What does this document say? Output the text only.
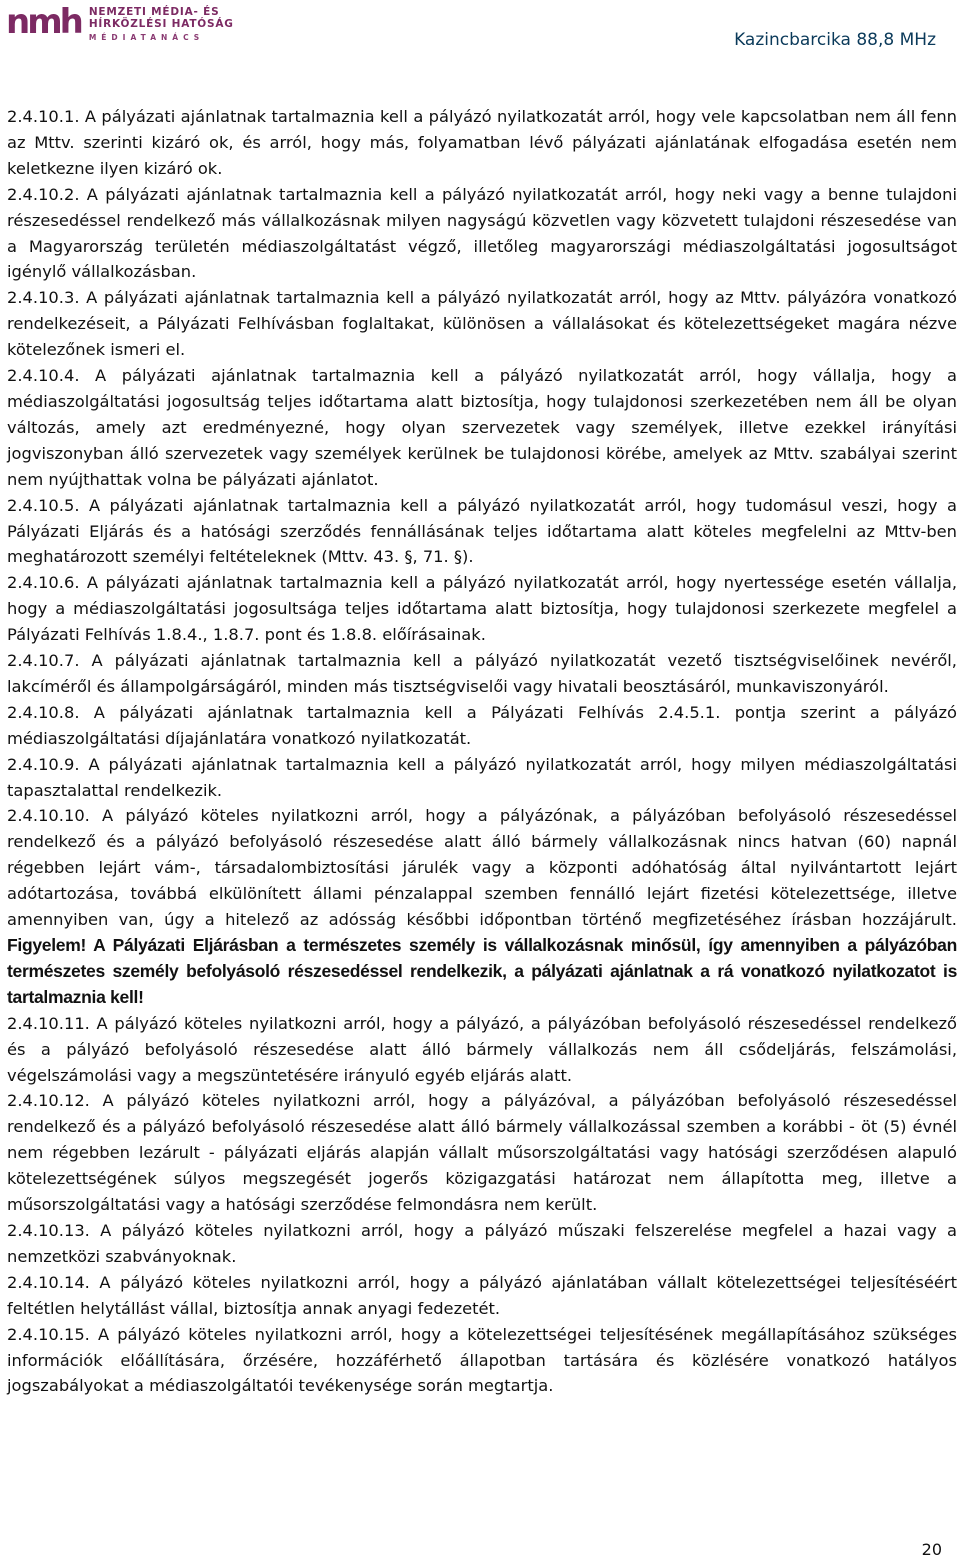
nmh NEMZETI MÉDIA- ÉS
HÍRKÖZLÉSI HATÓSÁG
MÉDIATANÁCS	Kazincbarcika 88,8 MHz

2.4.10.1. A pályázati ajánlatnak tartalmaznia kell a pályázó nyilatkozatát arról, hogy vele kapcsolatban nem áll fenn az Mttv. szerinti kizáró ok, és arról, hogy más, folyamatban lévő pályázati ajánlatának elfogadása esetén nem keletkezne ilyen kizáró ok.

2.4.10.2. A pályázati ajánlatnak tartalmaznia kell a pályázó nyilatkozatát arról, hogy neki vagy a benne tulajdoni részesedéssel rendelkező más vállalkozásnak milyen nagyságú közvetlen vagy közvetett tulajdoni részesedése van a Magyarország területén médiaszolgáltatást végző, illetőleg magyarországi médiaszolgáltatási jogosultságot igénylő vállalkozásban.

2.4.10.3. A pályázati ajánlatnak tartalmaznia kell a pályázó nyilatkozatát arról, hogy az Mttv. pályázóra vonatkozó rendelkezéseit, a Pályázati Felhívásban foglaltakat, különösen a vállalásokat és kötelezettségeket magára nézve kötelezőnek ismeri el.

2.4.10.4. A pályázati ajánlatnak tartalmaznia kell a pályázó nyilatkozatát arról, hogy vállalja, hogy a médiaszolgáltatási jogosultság teljes időtartama alatt biztosítja, hogy tulajdonosi szerkezetében nem áll be olyan változás, amely azt eredményezné, hogy olyan szervezetek vagy személyek, illetve ezekkel irányítási jogviszonyban álló szervezetek vagy személyek kerülnek be tulajdonosi körébe, amelyek az Mttv. szabályai szerint nem nyújthattak volna be pályázati ajánlatot.

2.4.10.5. A pályázati ajánlatnak tartalmaznia kell a pályázó nyilatkozatát arról, hogy tudomásul veszi, hogy a Pályázati Eljárás és a hatósági szerződés fennállásának teljes időtartama alatt köteles megfelelni az Mttv-ben meghatározott személyi feltételeknek (Mttv. 43. §, 71. §).

2.4.10.6. A pályázati ajánlatnak tartalmaznia kell a pályázó nyilatkozatát arról, hogy nyertessége esetén vállalja, hogy a médiaszolgáltatási jogosultsága teljes időtartama alatt biztosítja, hogy tulajdonosi szerkezete megfelel a Pályázati Felhívás 1.8.4., 1.8.7. pont és 1.8.8. előírásainak.

2.4.10.7. A pályázati ajánlatnak tartalmaznia kell a pályázó nyilatkozatát vezető tisztségviselőinek nevéről, lakcíméről és állampolgárságáról, minden más tisztségviselői vagy hivatali beosztásáról, munkaviszonyáról.

2.4.10.8. A pályázati ajánlatnak tartalmaznia kell a Pályázati Felhívás 2.4.5.1. pontja szerint a pályázó médiaszolgáltatási díjajánlatára vonatkozó nyilatkozatát.

2.4.10.9. A pályázati ajánlatnak tartalmaznia kell a pályázó nyilatkozatát arról, hogy milyen médiaszolgáltatási tapasztalattal rendelkezik.

2.4.10.10. A pályázó köteles nyilatkozni arról, hogy a pályázónak, a pályázóban befolyásoló részesedéssel rendelkező és a pályázó befolyásoló részesedése alatt álló bármely vállalkozásnak nincs hatvan (60) napnál régebben lejárt vám-, társadalombiztosítási járulék vagy a központi adóhatóság által nyilvántartott lejárt adótartozása, továbbá elkülönített állami pénzalappal szemben fennálló lejárt fizetési kötelezettsége, illetve amennyiben van, úgy a hitelező az adósság későbbi időpontban történő megfizetéséhez írásban hozzájárult. Figyelem! A Pályázati Eljárásban a természetes személy is vállalkozásnak minősül, így amennyiben a pályázóban természetes személy befolyásoló részesedéssel rendelkezik, a pályázati ajánlatnak a rá vonatkozó nyilatkozatot is tartalmaznia kell!

2.4.10.11. A pályázó köteles nyilatkozni arról, hogy a pályázó, a pályázóban befolyásoló részesedéssel rendelkező és a pályázó befolyásoló részesedése alatt álló bármely vállalkozás nem áll csődeljárás, felszámolási, végelszámolási vagy a megszüntetésére irányuló egyéb eljárás alatt.

2.4.10.12. A pályázó köteles nyilatkozni arról, hogy a pályázóval, a pályázóban befolyásoló részesedéssel rendelkező és a pályázó befolyásoló részesedése alatt álló bármely vállalkozással szemben a korábbi - öt (5) évnél nem régebben lezárult - pályázati eljárás alapján vállalt műsorszolgáltatási vagy hatósági szerződésen alapuló kötelezettségének súlyos megszegését jogerős közigazgatási határozat nem állapította meg, illetve a műsorszolgáltatási vagy a hatósági szerződése felmondásra nem került.

2.4.10.13. A pályázó köteles nyilatkozni arról, hogy a pályázó műszaki felszerelése megfelel a hazai vagy a nemzetközi szabványoknak.

2.4.10.14. A pályázó köteles nyilatkozni arról, hogy a pályázó ajánlatában vállalt kötelezettségei teljesítéséért feltétlen helytállást vállal, biztosítja annak anyagi fedezetét.

2.4.10.15. A pályázó köteles nyilatkozni arról, hogy a kötelezettségei teljesítésének megállapításához szükséges információk előállítására, őrzésére, hozzáférhető állapotban tartására és közlésére vonatkozó hatályos jogszabályokat a médiaszolgáltatói tevékenysége során megtartja.

20
